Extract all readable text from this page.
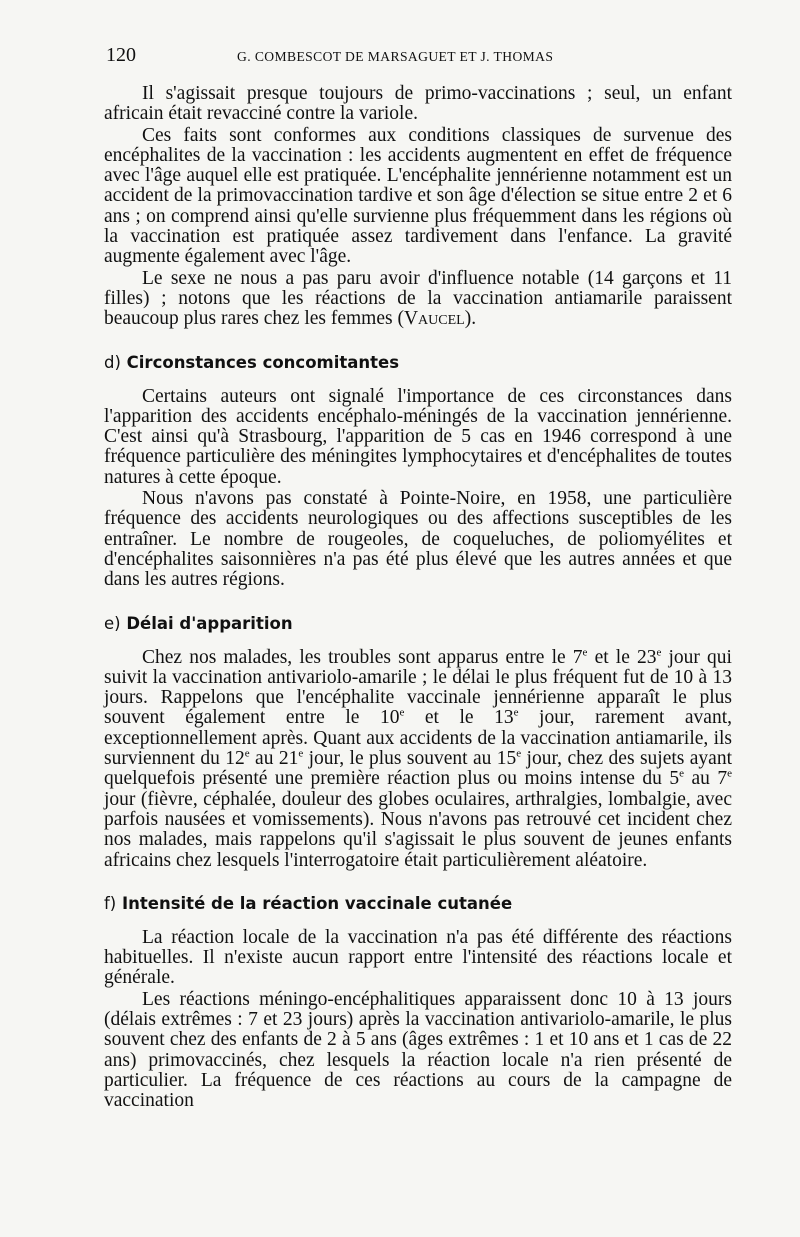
120	G. COMBESCOT DE MARSAGUET ET J. THOMAS

Il s'agissait presque toujours de primo-vaccinations ; seul, un enfant africain était revacciné contre la variole.

Ces faits sont conformes aux conditions classiques de survenue des encéphalites de la vaccination : les accidents augmentent en effet de fréquence avec l'âge auquel elle est pratiquée. L'encéphalite jennérienne notamment est un accident de la primovaccination tardive et son âge d'élection se situe entre 2 et 6 ans ; on comprend ainsi qu'elle survienne plus fréquemment dans les régions où la vaccination est pratiquée assez tardivement dans l'enfance. La gravité augmente également avec l'âge.

Le sexe ne nous a pas paru avoir d'influence notable (14 garçons et 11 filles) ; notons que les réactions de la vaccination antiamarile paraissent beaucoup plus rares chez les femmes (Vaucel).

d) Circonstances concomitantes

Certains auteurs ont signalé l'importance de ces circonstances dans l'apparition des accidents encéphalo-méningés de la vaccination jennérienne. C'est ainsi qu'à Strasbourg, l'apparition de 5 cas en 1946 correspond à une fréquence particulière des méningites lymphocytaires et d'encéphalites de toutes natures à cette époque.

Nous n'avons pas constaté à Pointe-Noire, en 1958, une particulière fréquence des accidents neurologiques ou des affections susceptibles de les entraîner. Le nombre de rougeoles, de coqueluches, de poliomyélites et d'encéphalites saisonnières n'a pas été plus élevé que les autres années et que dans les autres régions.

e) Délai d'apparition

Chez nos malades, les troubles sont apparus entre le 7e et le 23e jour qui suivit la vaccination antivariolo-amarile ; le délai le plus fréquent fut de 10 à 13 jours. Rappelons que l'encéphalite vaccinale jennérienne apparaît le plus souvent également entre le 10e et le 13e jour, rarement avant, exceptionnellement après. Quant aux accidents de la vaccination antiamarile, ils surviennent du 12e au 21e jour, le plus souvent au 15e jour, chez des sujets ayant quelquefois présenté une première réaction plus ou moins intense du 5e au 7e jour (fièvre, céphalée, douleur des globes oculaires, arthralgies, lombalgie, avec parfois nausées et vomissements). Nous n'avons pas retrouvé cet incident chez nos malades, mais rappelons qu'il s'agissait le plus souvent de jeunes enfants africains chez lesquels l'interrogatoire était particulièrement aléatoire.

f) Intensité de la réaction vaccinale cutanée

La réaction locale de la vaccination n'a pas été différente des réactions habituelles. Il n'existe aucun rapport entre l'intensité des réactions locale et générale.

Les réactions méningo-encéphalitiques apparaissent donc 10 à 13 jours (délais extrêmes : 7 et 23 jours) après la vaccination antivariolo-amarile, le plus souvent chez des enfants de 2 à 5 ans (âges extrêmes : 1 et 10 ans et 1 cas de 22 ans) primovaccinés, chez lesquels la réaction locale n'a rien présenté de particulier. La fréquence de ces réactions au cours de la campagne de vaccination
